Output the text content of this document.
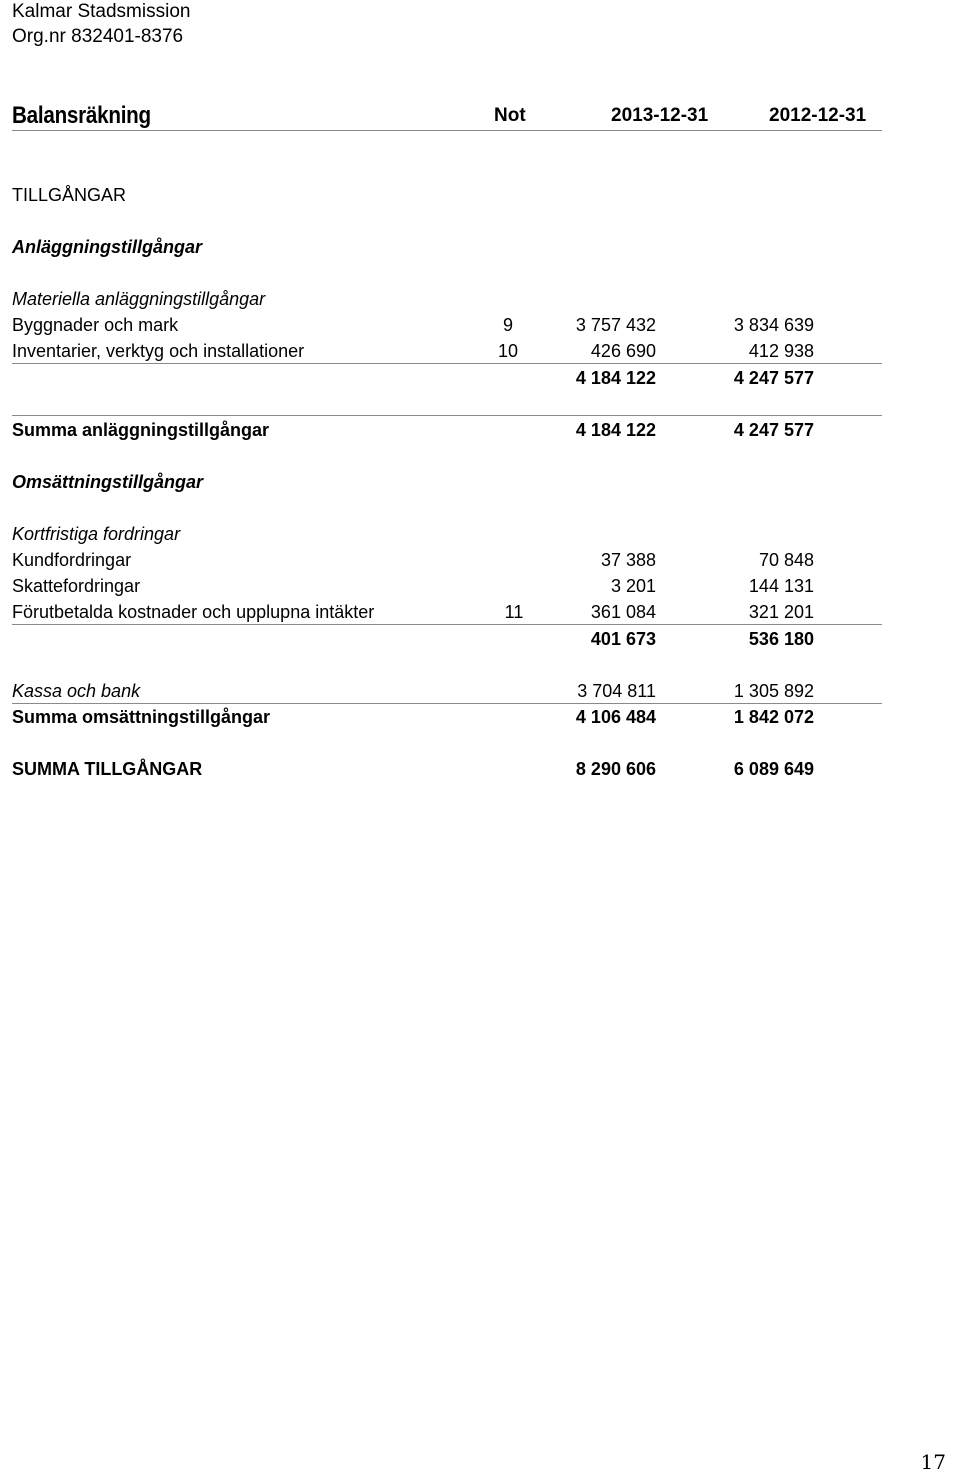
Kalmar Stadsmission
Org.nr 832401-8376
Balansräkning	Not	2013-12-31	2012-12-31
TILLGÅNGAR
Anläggningstillgångar
Materiella anläggningstillgångar
Byggnader och mark	9	3 757 432	3 834 639
Inventarier, verktyg och installationer	10	426 690	412 938
4 184 122	4 247 577
Summa anläggningstillgångar	4 184 122	4 247 577
Omsättningstillgångar
Kortfristiga fordringar
Kundfordringar	37 388	70 848
Skattefordringar	3 201	144 131
Förutbetalda kostnader och upplupna intäkter	11	361 084	321 201
401 673	536 180
Kassa och bank	3 704 811	1 305 892
Summa omsättningstillgångar	4 106 484	1 842 072
SUMMA TILLGÅNGAR	8 290 606	6 089 649
17
